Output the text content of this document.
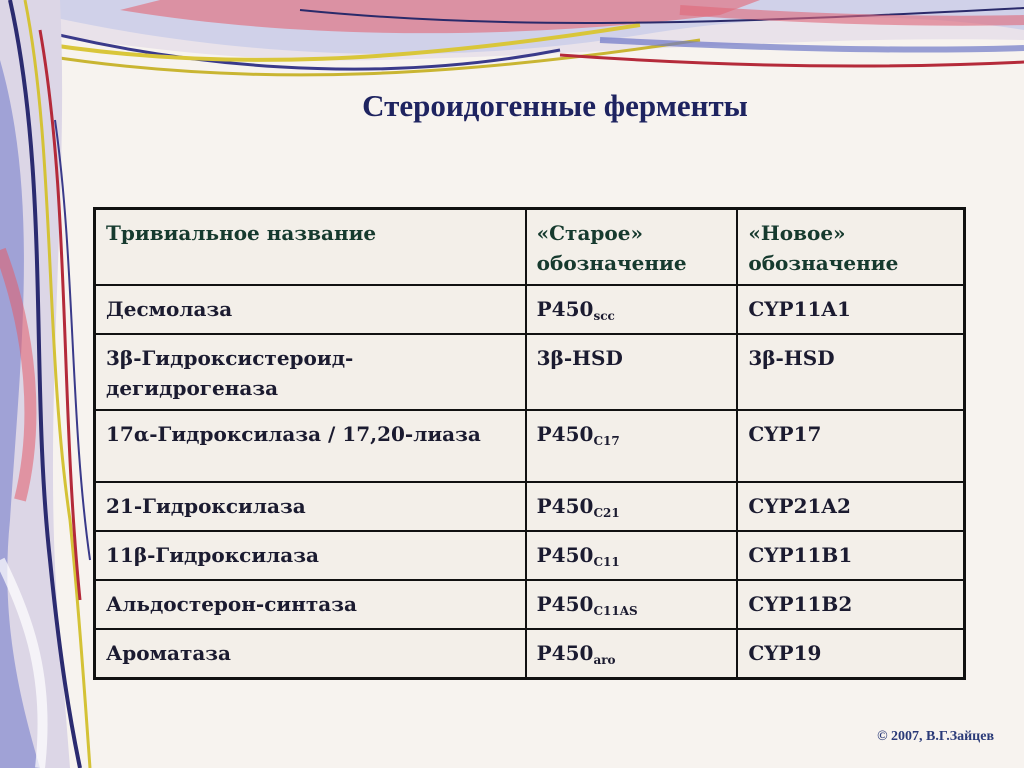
Стероидогенные ферменты
Тривиальное название	«Старое» обозначение	«Новое» обозначение
Десмолаза	$P450_{scc}$	CYP11A1
3β-Гидроксистероид-дегидрогеназа	3β-HSD	3β-HSD
17α-Гидроксилаза / 17,20-лиаза	$P450_{C17}$	CYP17
21-Гидроксилаза	$P450_{C21}$	CYP21A2
11β-Гидроксилаза	$P450_{C11}$	CYP11B1
Альдостерон-синтаза	$P450_{C11AS}$	CYP11B2
Ароматаза	$P450_{aro}$	CYP19
© 2007, В.Г.Зайцев
